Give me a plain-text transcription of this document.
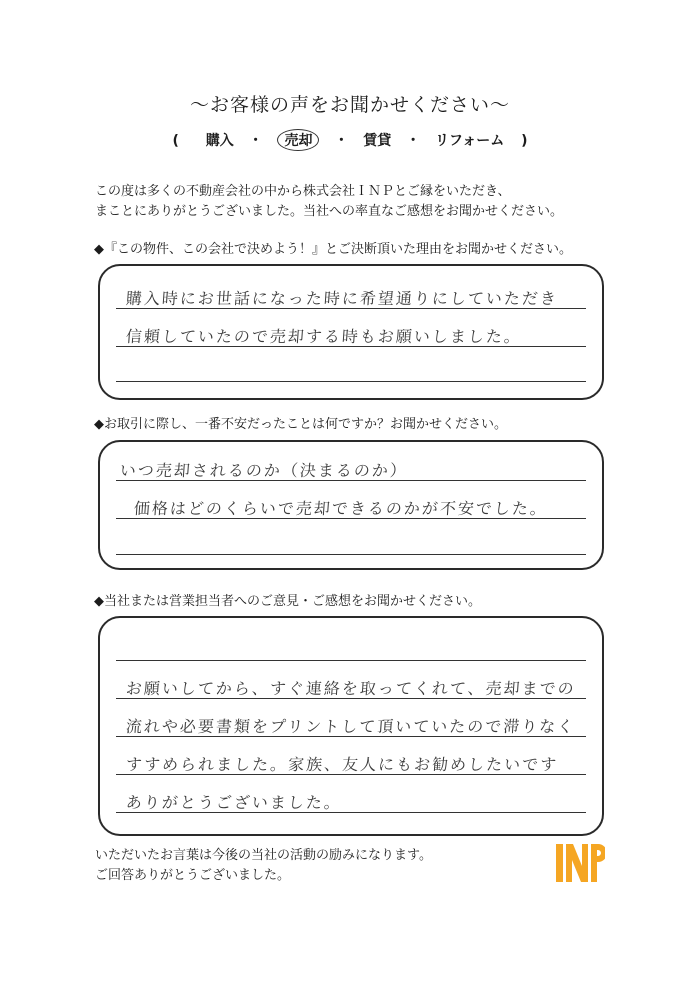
～お客様の声をお聞かせください～
( 購入 ・ 売却 ・ 賃貸 ・ リフォーム )
この度は多くの不動産会社の中から株式会社ＩＮＰとご縁をいただき、
まことにありがとうございました。当社への率直なご感想をお聞かせください。
◆『この物件、この会社で決めよう！』とご決断頂いた理由をお聞かせください。
購入時にお世話になった時に希望通りにしていただき
信頼していたので売却する時もお願いしました。
◆お取引に際し、一番不安だったことは何ですか？お聞かせください。
いつ売却されるのか（決まるのか）
価格はどのくらいで売却できるのかが不安でした。
◆当社または営業担当者へのご意見・ご感想をお聞かせください。
お願いしてから、すぐ連絡を取ってくれて、売却までの
流れや必要書類をプリントして頂いていたので滞りなく
すすめられました。家族、友人にもお勧めしたいです
ありがとうございました。
いただいたお言葉は今後の当社の活動の励みになります。
ご回答ありがとうございました。
